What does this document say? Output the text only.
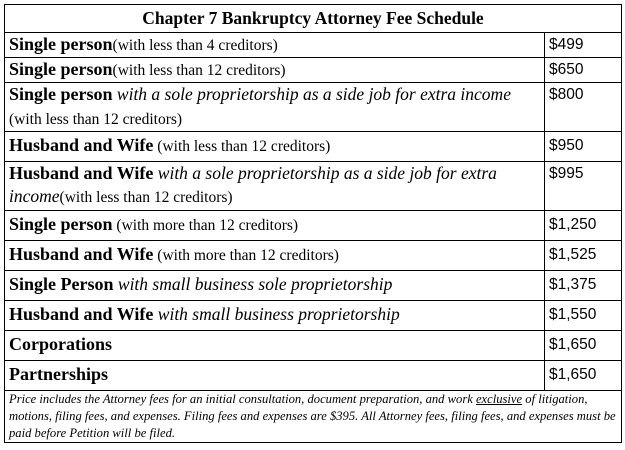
Chapter 7 Bankruptcy Attorney Fee Schedule	
Single person(with less than 4 creditors)	$499
Single person(with less than 12 creditors)	$650
Single person with a sole proprietorship as a side job for extra income (with less than 12 creditors)	$800
Husband and Wife (with less than 12 creditors)	$950
Husband and Wife with a sole proprietorship as a side job for extra income(with less than 12 creditors)	$995
Single person (with more than 12 creditors)	$1,250
Husband and Wife (with more than 12 creditors)	$1,525
Single Person with small business sole proprietorship	$1,375
Husband and Wife with small business proprietorship	$1,550
Corporations	$1,650
Partnerships	$1,650
Price includes the Attorney fees for an initial consultation, document preparation, and work exclusive of litigation, motions, filing fees, and expenses. Filing fees and expenses are $395. All Attorney fees, filing fees, and expenses must be paid before Petition will be filed.	
